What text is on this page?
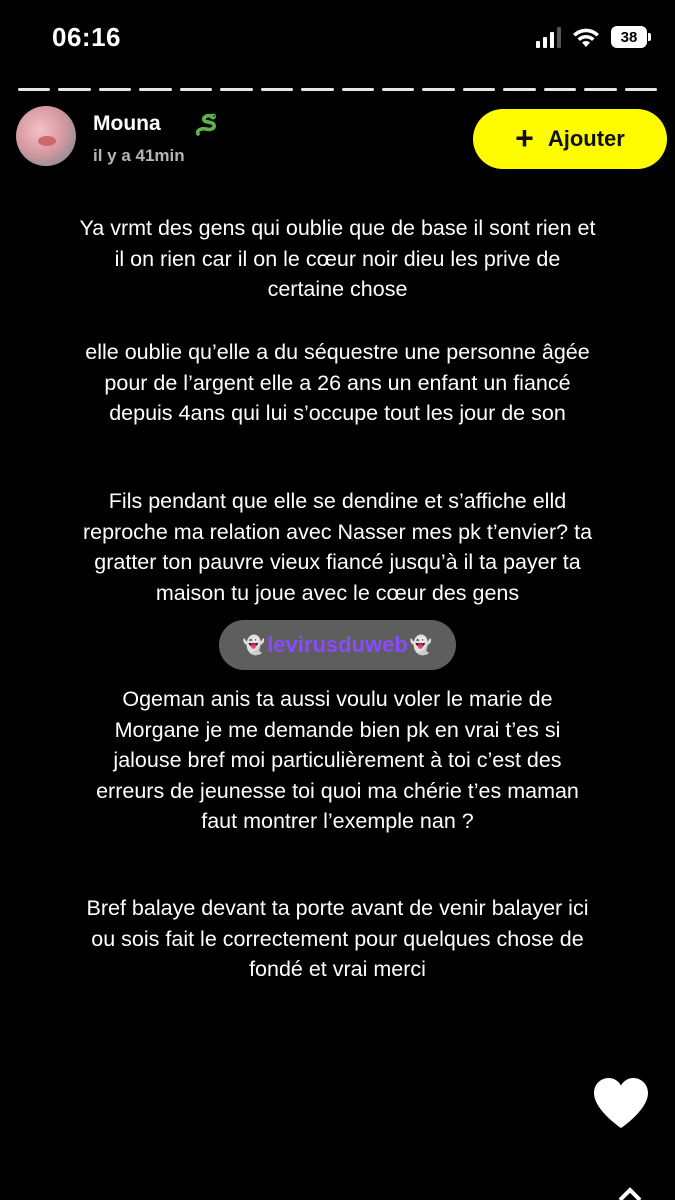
06:16	38
Mouna
il y a 41min	+ Ajouter
Ya vrmt des gens qui oublie que de base il sont rien et
il on rien car il on le cœur noir dieu les prive de
certaine chose
elle oublie qu’elle a du séquestre une personne âgée
pour de l’argent elle a 26 ans un enfant un fiancé
depuis 4ans qui lui s’occupe tout les jour de son
Fils pendant que elle se dendine et s’affiche elld
reproche ma relation avec Nasser mes pk t’envier? ta
gratter ton pauvre vieux fiancé jusqu’à il ta payer ta
maison tu joue avec le cœur des gens
👻 levirusduweb 👻
Ogeman anis ta aussi voulu voler le marie de
Morgane je me demande bien pk en vrai t’es si
jalouse bref moi particulièrement à toi c’est des
erreurs de jeunesse toi quoi ma chérie t’es maman
faut montrer l’exemple nan ?
Bref balaye devant ta porte avant de venir balayer ici
ou sois fait le correctement pour quelques chose de
fondé et vrai merci
